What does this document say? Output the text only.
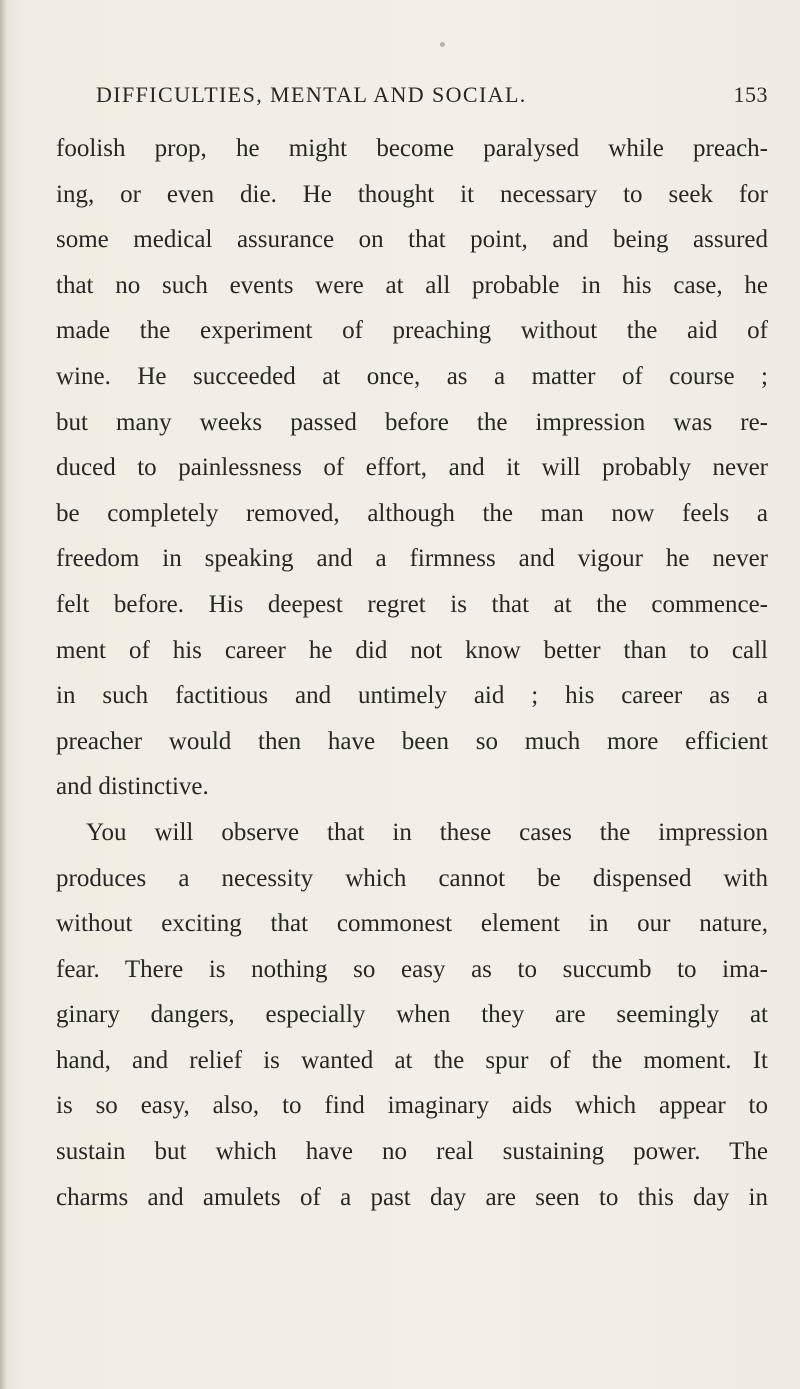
DIFFICULTIES, MENTAL AND SOCIAL.	153
foolish prop, he might become paralysed while preach-
ing, or even die. He thought it necessary to seek for
some medical assurance on that point, and being assured
that no such events were at all probable in his case, he
made the experiment of preaching without the aid of
wine. He succeeded at once, as a matter of course ;
but many weeks passed before the impression was re-
duced to painlessness of effort, and it will probably never
be completely removed, although the man now feels a
freedom in speaking and a firmness and vigour he never
felt before. His deepest regret is that at the commence-
ment of his career he did not know better than to call
in such factitious and untimely aid ; his career as a
preacher would then have been so much more efficient
and distinctive.
You will observe that in these cases the impression
produces a necessity which cannot be dispensed with
without exciting that commonest element in our nature,
fear. There is nothing so easy as to succumb to ima-
ginary dangers, especially when they are seemingly at
hand, and relief is wanted at the spur of the moment. It
is so easy, also, to find imaginary aids which appear to
sustain but which have no real sustaining power. The
charms and amulets of a past day are seen to this day in
